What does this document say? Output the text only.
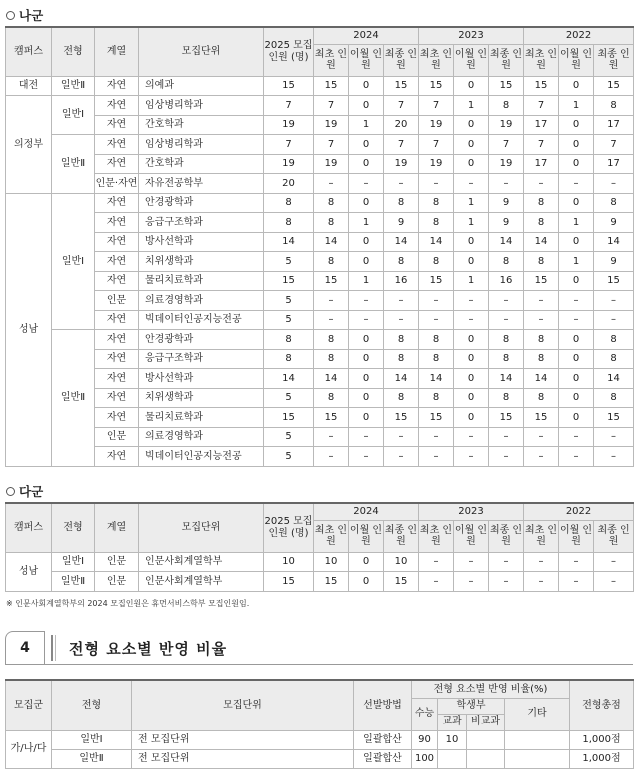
나군
캠퍼스	전형	계열	모집단위	2025 모집인원 (명)	2024			2023			2022		
					최초 인원	이월 인원	최종 인원	최초 인원	이월 인원	최종 인원	최초 인원	이월 인원	최종 인원
대전	일반Ⅱ	자연	의예과	15	15	0	15	15	0	15	15	0	15
의정부	일반Ⅰ	자연	임상병리학과	7	7	0	7	7	1	8	7	1	8
		자연	간호학과	19	19	1	20	19	0	19	17	0	17
	일반Ⅱ	자연	임상병리학과	7	7	0	7	7	0	7	7	0	7
		자연	간호학과	19	19	0	19	19	0	19	17	0	17
		인문·자연	자유전공학부	20	–	–	–	–	–	–	–	–	–
성남	일반Ⅰ	자연	안경광학과	8	8	0	8	8	1	9	8	0	8
		자연	응급구조학과	8	8	1	9	8	1	9	8	1	9
		자연	방사선학과	14	14	0	14	14	0	14	14	0	14
		자연	치위생학과	5	8	0	8	8	0	8	8	1	9
		자연	물리치료학과	15	15	1	16	15	1	16	15	0	15
		인문	의료경영학과	5	–	–	–	–	–	–	–	–	–
		자연	빅데이터인공지능전공	5	–	–	–	–	–	–	–	–	–
	일반Ⅱ	자연	안경광학과	8	8	0	8	8	0	8	8	0	8
		자연	응급구조학과	8	8	0	8	8	0	8	8	0	8
		자연	방사선학과	14	14	0	14	14	0	14	14	0	14
		자연	치위생학과	5	8	0	8	8	0	8	8	0	8
		자연	물리치료학과	15	15	0	15	15	0	15	15	0	15
		인문	의료경영학과	5	–	–	–	–	–	–	–	–	–
		자연	빅데이터인공지능전공	5	–	–	–	–	–	–	–	–	–
다군
캠퍼스	전형	계열	모집단위	2025 모집인원 (명)	2024			2023			2022		
					최초 인원	이월 인원	최종 인원	최초 인원	이월 인원	최종 인원	최초 인원	이월 인원	최종 인원
성남	일반Ⅰ	인문	인문사회계열학부	10	10	0	10	–	–	–	–	–	–
	일반Ⅱ	인문	인문사회계열학부	15	15	0	15	–	–	–	–	–	–
※ 인문사회계열학부의 2024 모집인원은 휴먼서비스학부 모집인원임.
4	전형 요소별 반영 비율
모집군	전형	모집단위	선발방법	전형 요소별 반영 비율(%)				전형총점
				수능	학생부		기타	
					교과	비교과		
가/나/다	일반Ⅰ	전 모집단위	일괄합산	90	10			1,000점
	일반Ⅱ	전 모집단위	일괄합산	100				1,000점
